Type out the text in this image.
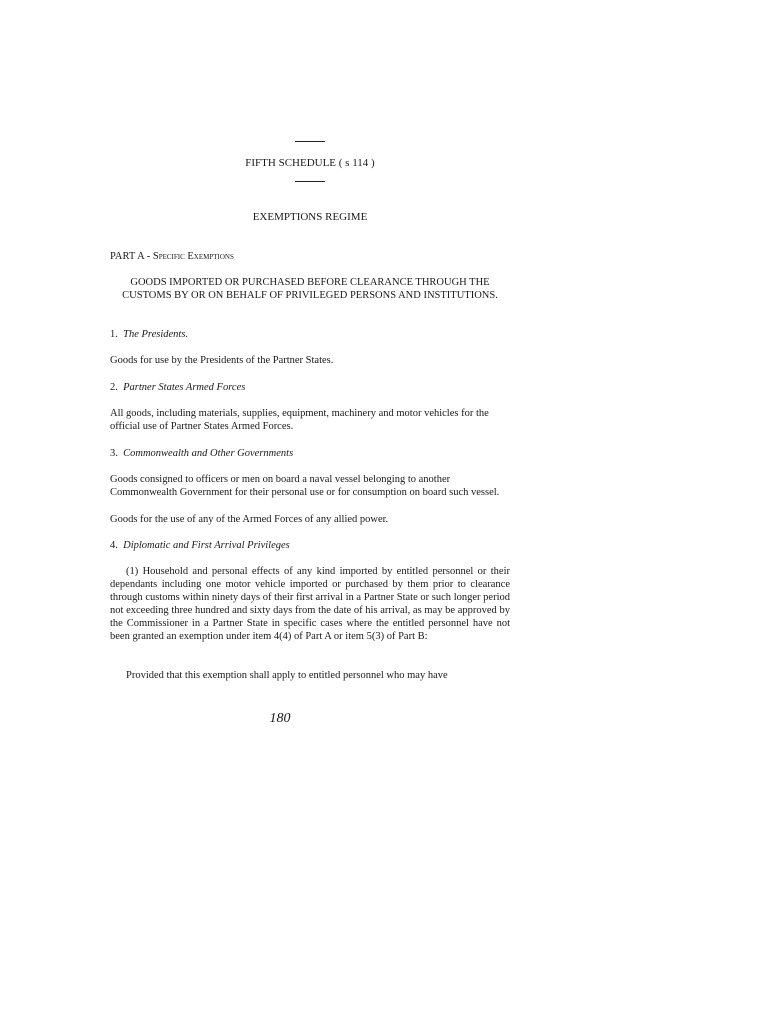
FIFTH SCHEDULE ( s 114 )
EXEMPTIONS REGIME
PART A - Specific Exemptions
GOODS IMPORTED OR PURCHASED BEFORE CLEARANCE THROUGH THE CUSTOMS BY OR ON BEHALF OF PRIVILEGED PERSONS AND INSTITUTIONS.
1. The Presidents.
Goods for use by the Presidents of the Partner States.
2. Partner States Armed Forces
All goods, including materials, supplies, equipment, machinery and motor vehicles for the official use of Partner States Armed Forces.
3. Commonwealth and Other Governments
Goods consigned to officers or men on board a naval vessel belonging to another Commonwealth Government for their personal use or for consumption on board such vessel.
Goods for the use of any of the Armed Forces of any allied power.
4. Diplomatic and First Arrival Privileges
(1) Household and personal effects of any kind imported by entitled personnel or their dependants including one motor vehicle imported or purchased by them prior to clearance through customs within ninety days of their first arrival in a Partner State or such longer period not exceeding three hundred and sixty days from the date of his arrival, as may be approved by the Commissioner in a Partner State in specific cases where the entitled personnel have not been granted an exemption under item 4(4) of Part A or item 5(3) of Part B:
Provided that this exemption shall apply to entitled personnel who may have
180
